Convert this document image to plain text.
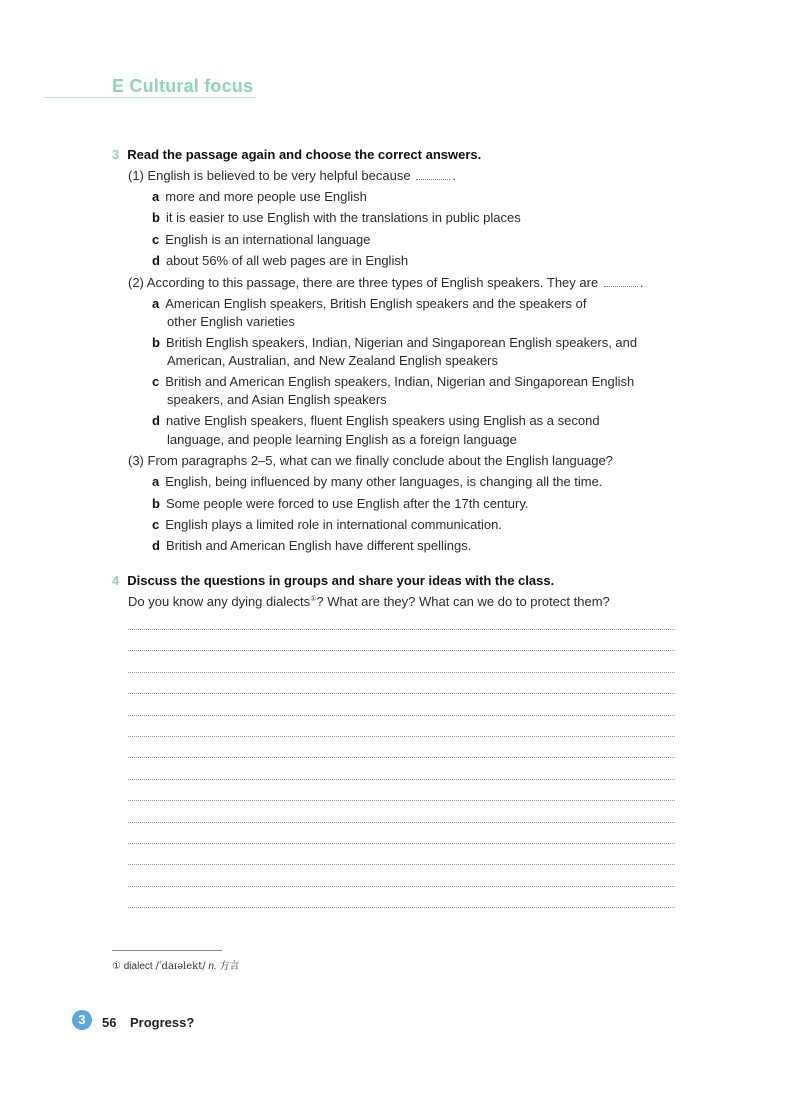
E Cultural focus
3 Read the passage again and choose the correct answers.
(1) English is believed to be very helpful because	.
a more and more people use English
b it is easier to use English with the translations in public places
c English is an international language
d about 56% of all web pages are in English
(2) According to this passage, there are three types of English speakers. They are	.
a American English speakers, British English speakers and the speakers of
other English varieties
b British English speakers, Indian, Nigerian and Singaporean English speakers, and
American, Australian, and New Zealand English speakers
c British and American English speakers, Indian, Nigerian and Singaporean English
speakers, and Asian English speakers
d native English speakers, fluent English speakers using English as a second
language, and people learning English as a foreign language
(3) From paragraphs 2–5, what can we finally conclude about the English language?
a English, being influenced by many other languages, is changing all the time.
b Some people were forced to use English after the 17th century.
c English plays a limited role in international communication.
d British and American English have different spellings.
4 Discuss the questions in groups and share your ideas with the class.
Do you know any dying dialects①? What are they? What can we do to protect them?
① dialect /ˈdaɪəlekt/ n. 方言
3	56 Progress?
